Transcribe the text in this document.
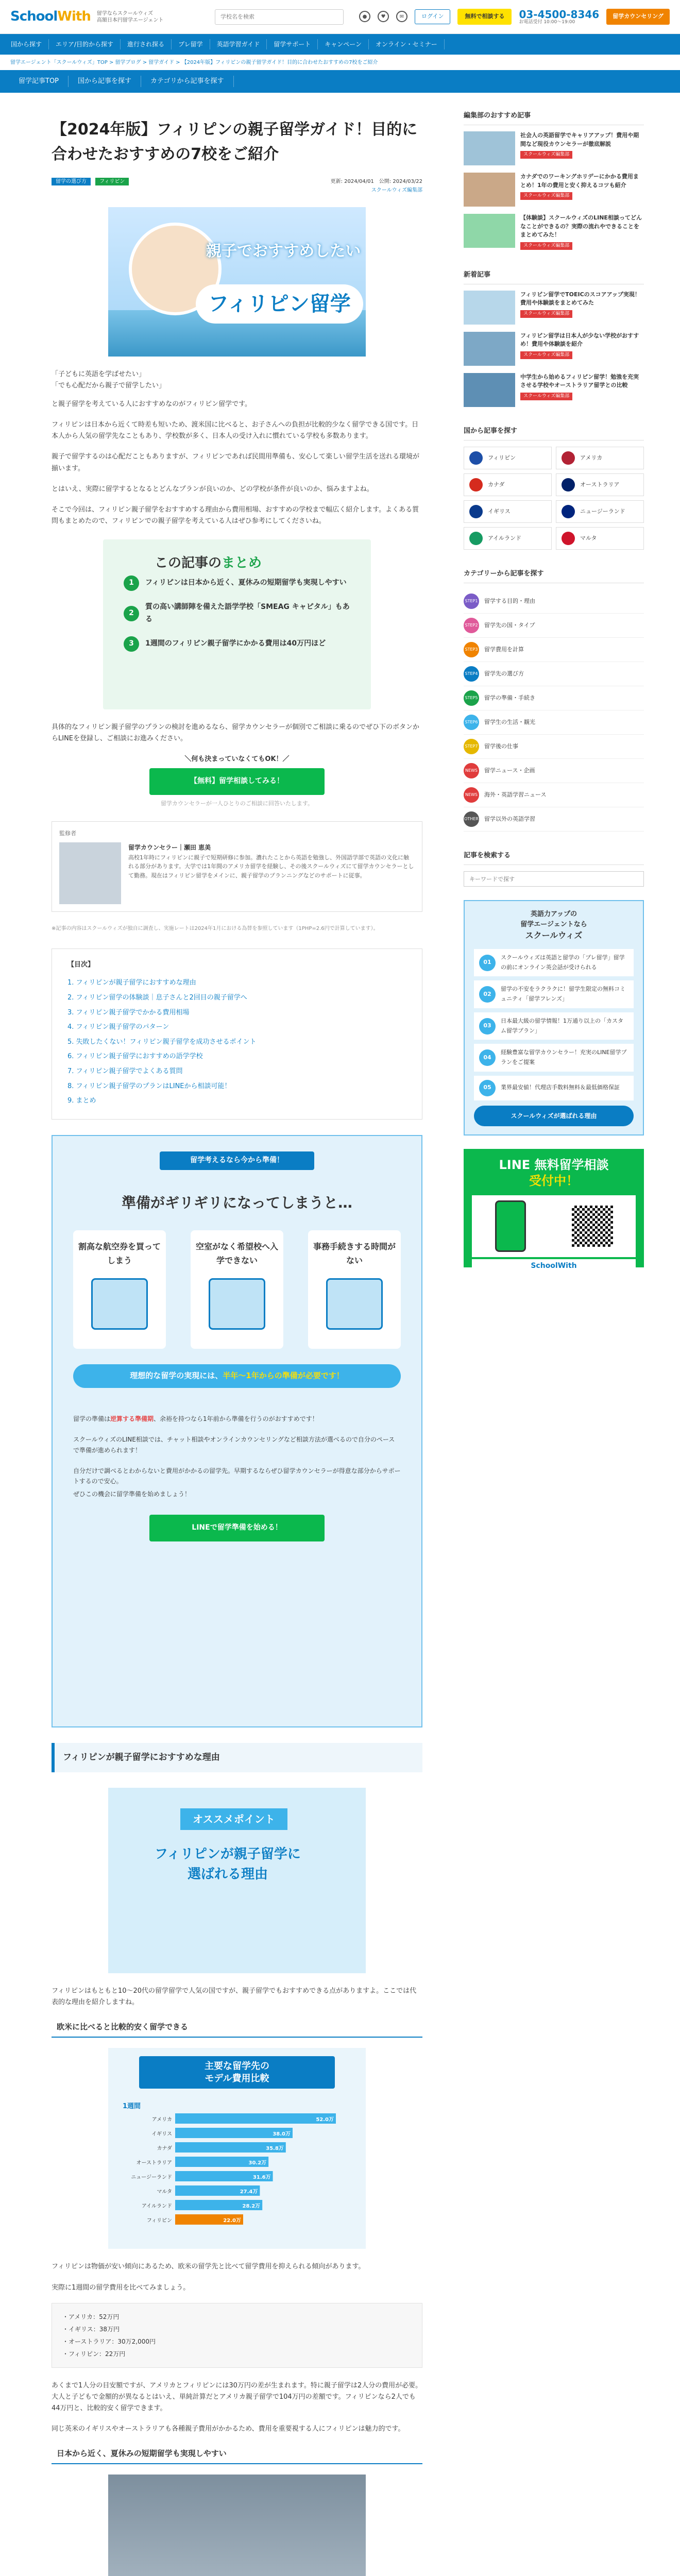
SchoolWith 留学ならスクールウィズ
高額日本円留学エージェント
学校名を検索
●	♥	✉	ログイン	無料で相談する	03-4500-8346
お電話受付 10:00〜19:00
留学カウンセリング
国から探す	エリア/目的から探す	進行され探る	プレ留学	英語学習ガイド	留学サポート	キャンペーン	オンライン・セミナー
留学エージェント「スクールウィズ」TOP > 留学ブログ > 留学ガイド > 【2024年版】フィリピンの親子留学ガイド！目的に合わせたおすすめの7校をご紹介
留学記事TOP	国から記事を探す	カテゴリから記事を探す
【2024年版】フィリピンの親子留学ガイド！目的に合わせたおすすめの7校をご紹介
留学の選び方	フィリピン	更新: 2024/04/01　公開: 2024/03/22
スクールウィズ編集部
親子でおすすめしたい
フィリピン留学
「子どもに英語を学ばせたい」
「でも心配だから親子で留学したい」
と親子留学を考えている人におすすめなのがフィリピン留学です。

フィリピンは日本から近くて時差も短いため、渡米国に比べると、お子さんへの負担が比較的少なく留学できる国です。日本人から人気の留学先なこともあり、学校数が多く、日本人の受け入れに慣れている学校も多数あります。

親子で留学するのは心配だこともありますが、フィリピンであれば民間用準備も、安心して楽しい留学生活を送れる環境が揃います。

とはいえ、実際に留学するとなるとどんなプランが良いのか、どの学校が条件が良いのか、悩みますよね。

そこで今回は、フィリピン親子留学をおすすめする理由から費用相場、おすすめの学校まで幅広く紹介します。よくある質問もまとめたので、フィリピンでの親子留学を考えている人はぜひ参考にしてくださいね。

この記事のまとめ
1	フィリピンは日本から近く、夏休みの短期留学も実現しやすい
2
質の高い講師陣を備えた語学学校「SMEAG キャピタル」もある
3	1週間のフィリピン親子留学にかかる費用は40万円ほど

具体的なフィリピン親子留学のプランの検討を進めるなら、留学カウンセラーが個別でご相談に乗るのでぜひ下のボタンからLINEを登録し、ご相談にお進みください。

＼何も決まっていなくてもOK！／
【無料】留学相談してみる！
留学カウンセラーが一人ひとりのご相談に回答いたします。
監修者
留学カウンセラー｜瀬田 恵美
高校1年時にフィリピンに親子で短期研修に参加。濃れたことから英語を勉強し、外国語学部で英語の文化に触れる部分があります。大学では1年間のアメリカ留学を経験し、その後スクールウィズにて留学カウンセラーとして勤務。現在はフィリピン留学をメインに、親子留学のプランニングなどのサポートに従事。

※記事の内容はスクールウィズが独自に調査し、実施レートは2024年1月における為替を参照しています（1PHP=2.6円で計算しています）。

【目次】
1. フィリピンが親子留学におすすめな理由
2. フィリピン留学の体験談｜息子さんと2回目の親子留学へ
3. フィリピン親子留学でかかる費用相場
4. フィリピン親子留学のパターン
5. 失敗したくない！フィリピン親子留学を成功させるポイント
6. フィリピン親子留学におすすめの語学学校
7. フィリピン親子留学でよくある質問
8. フィリピン親子留学のプランはLINEから相談可能！
9. まとめ
留学考えるなら今から準備！
準備がギリギリになってしまうと…
割高な航空券を買ってしまう
空室がなく希望校へ入学できない
事務手続きする時間がない
理想的な留学の実現には、半年〜1年からの準備が必要です！

留学の準備は逆算する準備期、余裕を持つなら1年前から準備を行うのがおすすめです！

スクールウィズのLINE相談では、チャット相談やオンラインカウンセリングなど相談方法が選べるので自分のペースで準備が進められます！

自分だけで調べるとわからないと費用がかかるの留学先。早期するならぜひ留学カウンセラーが得意な部分からサポートするので安心。

ぜひこの機会に留学準備を始めましょう！

LINEで留学準備を始める！
フィリピンが親子留学におすすめな理由
オススメポイント
フィリピンが親子留学に
選ばれる理由

フィリピンはもともと10〜20代の留学留学で人気の国ですが、親子留学でもおすすめできる点がありますよ。ここでは代表的な理由を紹介しますね。

欧米に比べると比較的安く留学できる
主要な留学先の
モデル費用比較
1週間
アメリカ	52.0万
イギリス	38.0万
カナダ	35.8万
オーストラリア	30.2万
ニュージーランド	31.6万
マルタ	27.4万
アイルランド	28.2万
フィリピン	22.0万

フィリピンは物価が安い傾向にあるため、欧米の留学先と比べて留学費用を抑えられる傾向があります。

実際に1週間の留学費用を比べてみましょう。

・アメリカ：52万円
・イギリス：38万円
・オーストラリア：30万2,000円
・フィリピン：22万円

あくまで1人分の目安額ですが、アメリカとフィリピンには30万円の差が生まれます。特に親子留学は2人分の費用が必要。大人と子どもで金額的が異なるとはいえ、単純計算だとアメリカ親子留学で104万円の差額です。フィリピンなら2人でも44万円と、比較的安く留学できます。

同じ英米のイギリスやオーストラリアも各種親子費用がかかるため、費用を重要視する人にフィリピンは魅力的です。

日本から近く、夏休みの短期留学も実現しやすい
編集部のおすすめ記事
社会人の英語留学でキャリアアップ！費用や期間など現役カウンセラーが徹底解説
スクールウィズ編集部
カナダでのワーキングホリデーにかかる費用まとめ！1年の費用と安く抑えるコツも紹介
スクールウィズ編集部
【体験談】スクールウィズのLINE相談ってどんなことができるの？実際の流れやできることをまとめてみた！
スクールウィズ編集部
新着記事
フィリピン留学でTOEICのスコアアップ実現！費用や体験談をまとめてみた
スクールウィズ編集部
フィリピン留学は日本人が少ない学校がおすすめ！費用や体験談を紹介
スクールウィズ編集部
中学生から始めるフィリピン留学！勉強を充実させる学校やオーストラリア留学との比較
スクールウィズ編集部
国から記事を探す
フィリピン	アメリカ
カナダ	オーストラリア
イギリス	ニュージーランド
アイルランド	マルタ
カテゴリーから記事を探す
STEP1 留学する目的・理由
STEP2 留学先の国・タイプ
STEP3 留学費用を計算
STEP4 留学先の選び方
STEP5 留学の準備・手続き
STEP6 留学生の生活・観光
STEP7 留学後の仕事
NEWS 留学ニュース・企画
NEWS 海外・英語学習ニュース
OTHER 留学以外の英語学習
記事を検索する
キーワードで探す
英語力アップの
留学エージェントなら
スクールウィズ
01
スクールウィズは英語と留学の「プレ留学」留学の前にオンライン英会話が受けられる
02
留学の不安をラクラクに！留学生限定の無料コミュニティ「留学フレンズ」
03
日本最大級の留学情報！1万通り以上の「カスタム留学プラン」
04
経験豊富な留学カウンセラー！充実のLINE留学プランをご提案
05	業界最安値！代理店手数料無料＆最低価格保証
スクールウィズが選ばれる理由
LINE 無料留学相談
受付中！
SchoolWith
